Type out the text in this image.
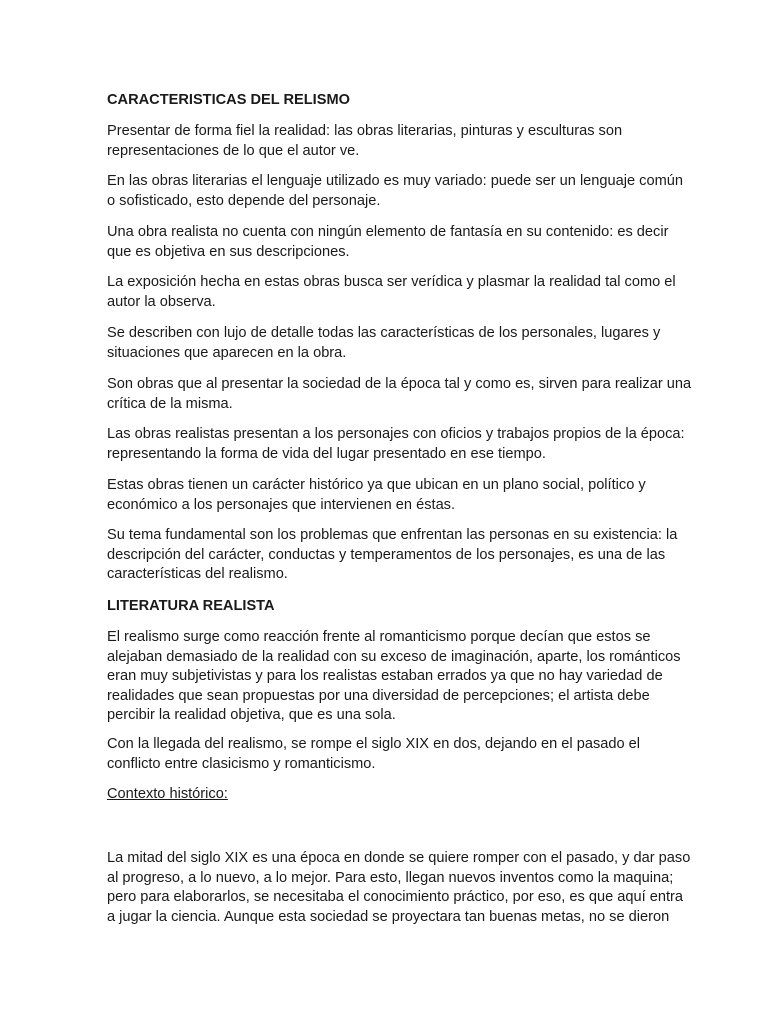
CARACTERISTICAS DEL RELISMO
Presentar de forma fiel la realidad: las obras literarias, pinturas y esculturas son
representaciones de lo que el autor ve.
En las obras literarias el lenguaje utilizado es muy variado: puede ser un lenguaje común
o sofisticado, esto depende del personaje.
Una obra realista no cuenta con ningún elemento de fantasía en su contenido: es decir
que es objetiva en sus descripciones.
La exposición hecha en estas obras busca ser verídica y plasmar la realidad tal como el
autor la observa.
Se describen con lujo de detalle todas las características de los personales, lugares y
situaciones que aparecen en la obra.
Son obras que al presentar la sociedad de la época tal y como es, sirven para realizar una
crítica de la misma.
Las obras realistas presentan a los personajes con oficios y trabajos propios de la época:
representando la forma de vida del lugar presentado en ese tiempo.
Estas obras tienen un carácter histórico ya que ubican en un plano social, político y
económico a los personajes que intervienen en éstas.
Su tema fundamental son los problemas que enfrentan las personas en su existencia: la
descripción del carácter, conductas y temperamentos de los personajes, es una de las
características del realismo.
LITERATURA REALISTA
El realismo surge como reacción frente al romanticismo porque decían que estos se
alejaban demasiado de la realidad con su exceso de imaginación, aparte, los románticos
eran muy subjetivistas y para los realistas estaban errados ya que no hay variedad de
realidades que sean propuestas por una diversidad de percepciones; el artista debe
percibir la realidad objetiva, que es una sola.
Con la llegada del realismo, se rompe el siglo XIX en dos, dejando en el pasado el
conflicto entre clasicismo y romanticismo.
Contexto histórico:
La mitad del siglo XIX es una época en donde se quiere romper con el pasado, y dar paso
al progreso, a lo nuevo, a lo mejor. Para esto, llegan nuevos inventos como la maquina;
pero para elaborarlos, se necesitaba el conocimiento práctico, por eso, es que aquí entra
a jugar la ciencia. Aunque esta sociedad se proyectara tan buenas metas, no se dieron
